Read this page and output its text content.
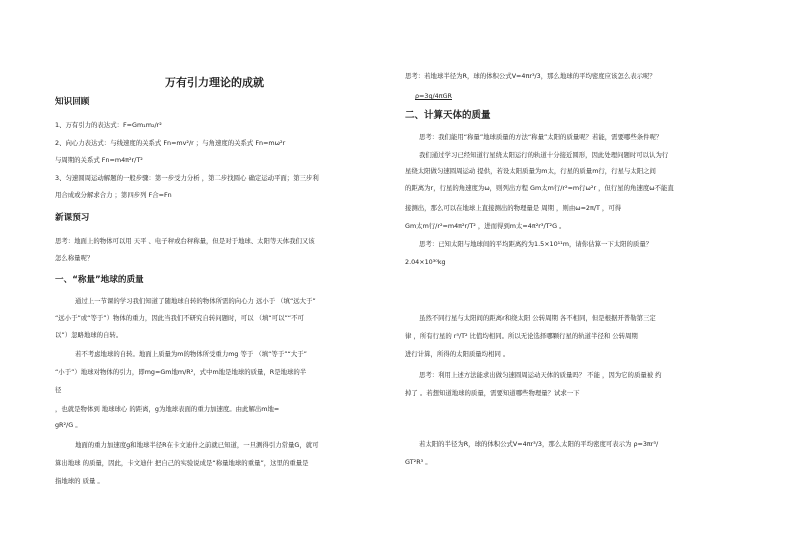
万有引力理论的成就
知识回顾
1、万有引力的表达式：F=Gm₁m₂/r²
2、向心力表达式：与线速度的关系式 Fn=mv²/r ；与角速度的关系式 Fn=mω²r
与周期的关系式 Fn=m4π²r/T²
3、匀速圆周运动解题的一般步骤：第一步受力分析 ，第二步找圆心 确定运动平面；第三步利
用合成或分解求合力 ；第四步列 F合=Fn
新课预习
思考：地面上的物体可以用 天平 、电子秤或台秤称量，但是对于地球、太阳等天体我们又该
怎么称量呢？
一、“称量”地球的质量
通过上一节课的学习我们知道了随地球自转的物体所需的向心力 远小于 （填“远大于”
“远小于”或“等于”）物体的重力，因此当我们不研究自转问题时，可以 （填“可以”“不可
以”）忽略地球的自转。
若不考虑地球的自转。地面上质量为m的物体所受重力mg 等于 （填“等于”“大于”
“小于”）地球对物体的引力，即mg=Gm地m/R²，式中m地是地球的质量，R是地球的半
径
，也就是物体到 地球球心 的距离，g为地球表面的重力加速度。由此解出m地=
gR²/G 。
地面的重力加速度g和地球半径R在卡文迪什之前就已知道，一旦测得引力常量G，就可
算出地球 的质量，因此，卡文迪什 把自己的实验说成是“称量地球的重量”，这里的重量是
指地球的 质量 。
思考：若地球半径为R，球的体积公式V=4πr³/3，那么地球的平均密度应该怎么表示呢？
ρ=3g/4πGR
二、计算天体的质量
思考：我们能用“称量”地球质量的方法“称量”太阳的质量呢？若能，需要哪些条件呢？
我们通过学习已经知道行星绕太阳运行的轨道十分接近圆形，因此处理问题时可以认为行
星绕太阳做匀速圆周运动 提供，若设太阳质量为m太，行星的质量m行，行星与太阳之间
的距离为r，行星的角速度为ω，则列出方程 Gm太m行/r²=m行ω²r ，但行星的角速度ω不能直
接测出，那么可以在地球上直接测出的物理量是 周期 ，则由ω=2π/T ，可得
Gm太m行/r²=m4π²r/T² ，进而得到m太=4π²r³/T²G 。
思考：已知太阳与地球间的平均距离约为1.5×10¹¹m，请你估算一下太阳的质量？
2.04×10³⁰kg
虽然不同行星与太阳间的距离r和绕太阳 公转周期 各不相同，但是根据开普勒第三定
律 ，所有行星的 r³/T² 比值均相同。所以无论选择哪颗行星的轨道半径和 公转周期
进行计算，所得的太阳质量均相同 。
思考：利用上述方法能求出做匀速圆周运动天体的质量吗？ 不能 ，因为它的质量被 约
掉了 。若想知道地球的质量，需要知道哪些物理量？试求一下
若太阳的半径为R，球的体积公式V=4πr³/3，那么太阳的平均密度可表示为 ρ=3πr³/
GT²R³ 。
